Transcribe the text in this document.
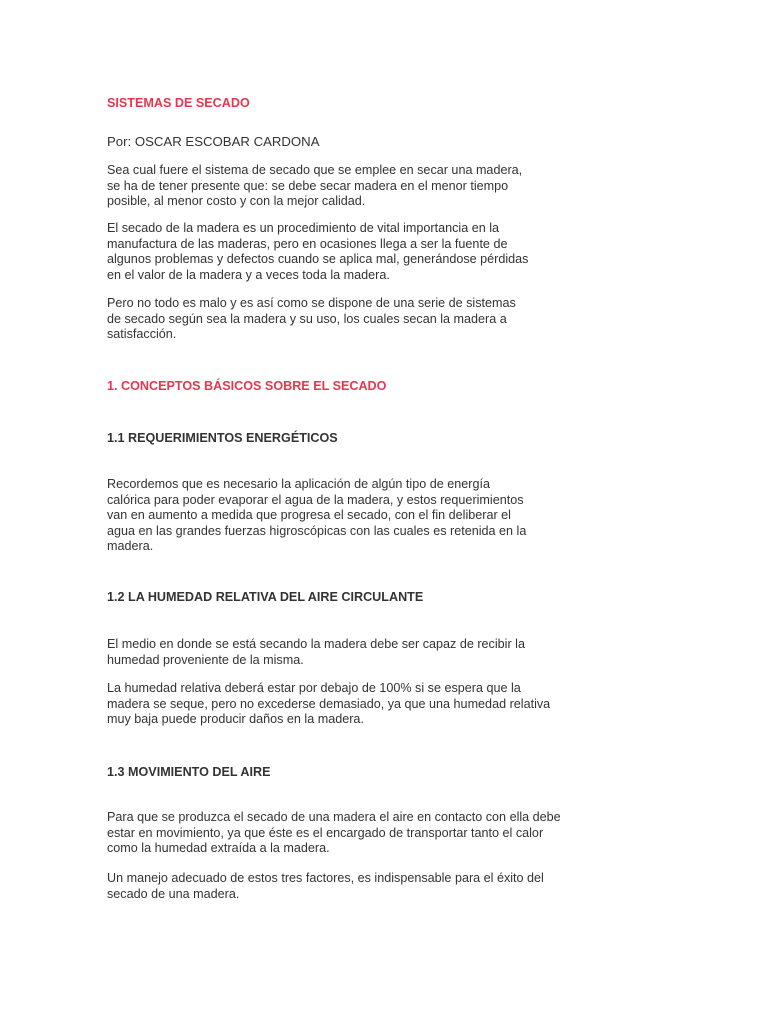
SISTEMAS DE SECADO

Por: OSCAR ESCOBAR CARDONA

Sea cual fuere el sistema de secado que se emplee en secar una madera,
se ha de tener presente que: se debe secar madera en el menor tiempo
posible, al menor costo y con la mejor calidad.

El secado de la madera es un procedimiento de vital importancia en la
manufactura de las maderas, pero en ocasiones llega a ser la fuente de
algunos problemas y defectos cuando se aplica mal, generándose pérdidas
en el valor de la madera y a veces toda la madera.

Pero no todo es malo y es así como se dispone de una serie de sistemas
de secado según sea la madera y su uso, los cuales secan la madera a
satisfacción.

1. CONCEPTOS BÁSICOS SOBRE EL SECADO

1.1 REQUERIMIENTOS ENERGÉTICOS

Recordemos que es necesario la aplicación de algún tipo de energía
calórica para poder evaporar el agua de la madera, y estos requerimientos
van en aumento a medida que progresa el secado, con el fin deliberar el
agua en las grandes fuerzas higroscópicas con las cuales es retenida en la
madera.

1.2 LA HUMEDAD RELATIVA DEL AIRE CIRCULANTE

El medio en donde se está secando la madera debe ser capaz de recibir la
humedad proveniente de la misma.

La humedad relativa deberá estar por debajo de 100% si se espera que la
madera se seque, pero no excederse demasiado, ya que una humedad relativa
muy baja puede producir daños en la madera.

1.3 MOVIMIENTO DEL AIRE

Para que se produzca el secado de una madera el aire en contacto con ella debe
estar en movimiento, ya que éste es el encargado de transportar tanto el calor
como la humedad extraída a la madera.

Un manejo adecuado de estos tres factores, es indispensable para el éxito del
secado de una madera.
